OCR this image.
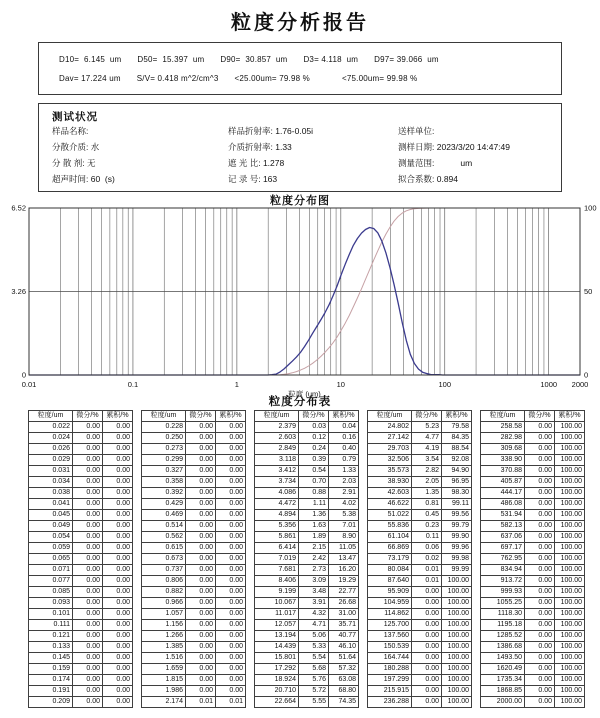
粒度分析报告
D10=  6.145  um D50=  15.397  um D90=  30.857  um D3= 4.118  um D97= 39.066  um
Dav= 17.224 um S/V= 0.418 m^2/cm^3 <25.00um= 79.98 %	<75.00um= 99.98 %
测试状况
样品名称:
分散介质: 水
分 散 剂: 无
超声时间: 60  (s)
样品折射率: 1.76-0.05i
介质折射率: 1.33
遮 光 比: 1.278
记 录 号: 163
送样单位:
测样日期: 2023/3/20 14:47:49
测量范围:           um
拟合系数: 0.894
粒度分布图
6.52
3.26
0
100
50
0
0.01	0.1	1	10	100	1000 2000
粒度 (um)
粒度分布表
粒度/um	微分/%	累积/%
0.022	0.00	0.00
0.024	0.00	0.00
0.026	0.00	0.00
0.029	0.00	0.00
0.031	0.00	0.00
0.034	0.00	0.00
0.038	0.00	0.00
0.041	0.00	0.00
0.045	0.00	0.00
0.049	0.00	0.00
0.054	0.00	0.00
0.059	0.00	0.00
0.065	0.00	0.00
0.071	0.00	0.00
0.077	0.00	0.00
0.085	0.00	0.00
0.093	0.00	0.00
0.101	0.00	0.00
0.111	0.00	0.00
0.121	0.00	0.00
0.133	0.00	0.00
0.145	0.00	0.00
0.159	0.00	0.00
0.174	0.00	0.00
0.191	0.00	0.00
0.209	0.00	0.00
粒度/um	微分/%	累积/%
0.228	0.00	0.00
0.250	0.00	0.00
0.273	0.00	0.00
0.299	0.00	0.00
0.327	0.00	0.00
0.358	0.00	0.00
0.392	0.00	0.00
0.429	0.00	0.00
0.469	0.00	0.00
0.514	0.00	0.00
0.562	0.00	0.00
0.615	0.00	0.00
0.673	0.00	0.00
0.737	0.00	0.00
0.806	0.00	0.00
0.882	0.00	0.00
0.966	0.00	0.00
1.057	0.00	0.00
1.156	0.00	0.00
1.266	0.00	0.00
1.385	0.00	0.00
1.516	0.00	0.00
1.659	0.00	0.00
1.815	0.00	0.00
1.986	0.00	0.00
2.174	0.01	0.01
粒度/um	微分/%	累积/%
2.379	0.03	0.04
2.603	0.12	0.16
2.849	0.24	0.40
3.118	0.39	0.79
3.412	0.54	1.33
3.734	0.70	2.03
4.086	0.88	2.91
4.472	1.11	4.02
4.894	1.36	5.38
5.356	1.63	7.01
5.861	1.89	8.90
6.414	2.15	11.05
7.019	2.42	13.47
7.681	2.73	16.20
8.406	3.09	19.29
9.199	3.48	22.77
10.067	3.91	26.68
11.017	4.32	31.00
12.057	4.71	35.71
13.194	5.06	40.77
14.439	5.33	46.10
15.801	5.54	51.64
17.292	5.68	57.32
18.924	5.76	63.08
20.710	5.72	68.80
22.664	5.55	74.35
粒度/um	微分/%	累积/%
24.802	5.23	79.58
27.142	4.77	84.35
29.703	4.19	88.54
32.506	3.54	92.08
35.573	2.82	94.90
38.930	2.05	96.95
42.603	1.35	98.30
46.622	0.81	99.11
51.022	0.45	99.56
55.836	0.23	99.79
61.104	0.11	99.90
66.869	0.06	99.96
73.179	0.02	99.98
80.084	0.01	99.99
87.640	0.01	100.00
95.909	0.00	100.00
104.959	0.00	100.00
114.862	0.00	100.00
125.700	0.00	100.00
137.560	0.00	100.00
150.539	0.00	100.00
164.744	0.00	100.00
180.288	0.00	100.00
197.299	0.00	100.00
215.915	0.00	100.00
236.288	0.00	100.00
粒度/um	微分/%	累积/%
258.58	0.00	100.00
282.98	0.00	100.00
309.68	0.00	100.00
338.90	0.00	100.00
370.88	0.00	100.00
405.87	0.00	100.00
444.17	0.00	100.00
486.08	0.00	100.00
531.94	0.00	100.00
582.13	0.00	100.00
637.06	0.00	100.00
697.17	0.00	100.00
762.95	0.00	100.00
834.94	0.00	100.00
913.72	0.00	100.00
999.93	0.00	100.00
1055.25	0.00	100.00
1118.30	0.00	100.00
1195.18	0.00	100.00
1285.52	0.00	100.00
1386.68	0.00	100.00
1493.50	0.00	100.00
1620.49	0.00	100.00
1735.34	0.00	100.00
1868.85	0.00	100.00
2000.00	0.00	100.00
